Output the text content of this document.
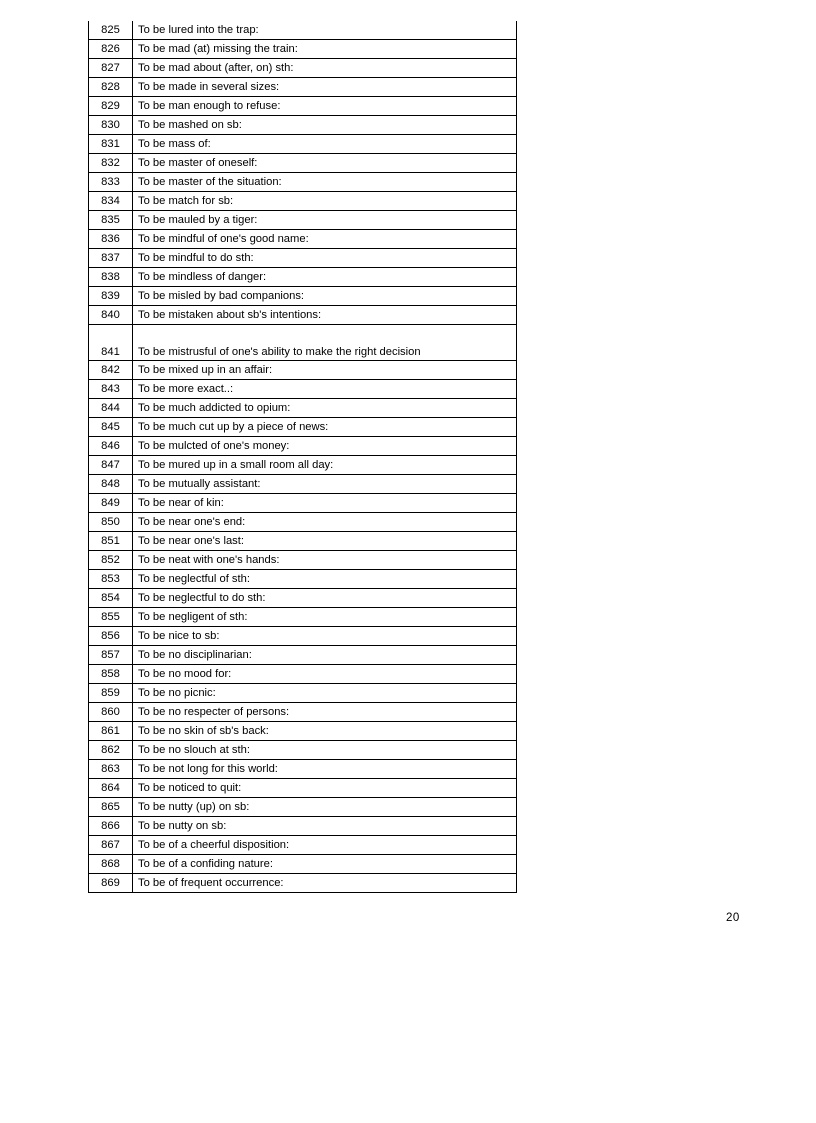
825	To be lured into the trap:
826	To be mad (at) missing the train:
827	To be mad about (after, on) sth:
828	To be made in several sizes:
829	To be man enough to refuse:
830	To be mashed on sb:
831	To be mass of:
832	To be master of oneself:
833	To be master of the situation:
834	To be match for sb:
835	To be mauled by a tiger:
836	To be mindful of one's good name:
837	To be mindful to do sth:
838	To be mindless of danger:
839	To be misled by bad companions:
840	To be mistaken about sb's intentions:
841	To be mistrusful of one's ability to make the right decision
842	To be mixed up in an affair:
843	To be more exact..:
844	To be much addicted to opium:
845	To be much cut up by a piece of news:
846	To be mulcted of one's money:
847	To be mured up in a small room all day:
848	To be mutually assistant:
849	To be near of kin:
850	To be near one's end:
851	To be near one's last:
852	To be neat with one's hands:
853	To be neglectful of sth:
854	To be neglectful to do sth:
855	To be negligent of sth:
856	To be nice to sb:
857	To be no disciplinarian:
858	To be no mood for:
859	To be no picnic:
860	To be no respecter of persons:
861	To be no skin of sb's back:
862	To be no slouch at sth:
863	To be not long for this world:
864	To be noticed to quit:
865	To be nutty (up) on sb:
866	To be nutty on sb:
867	To be of a cheerful disposition:
868	To be of a confiding nature:
869	To be of frequent occurrence:
20
